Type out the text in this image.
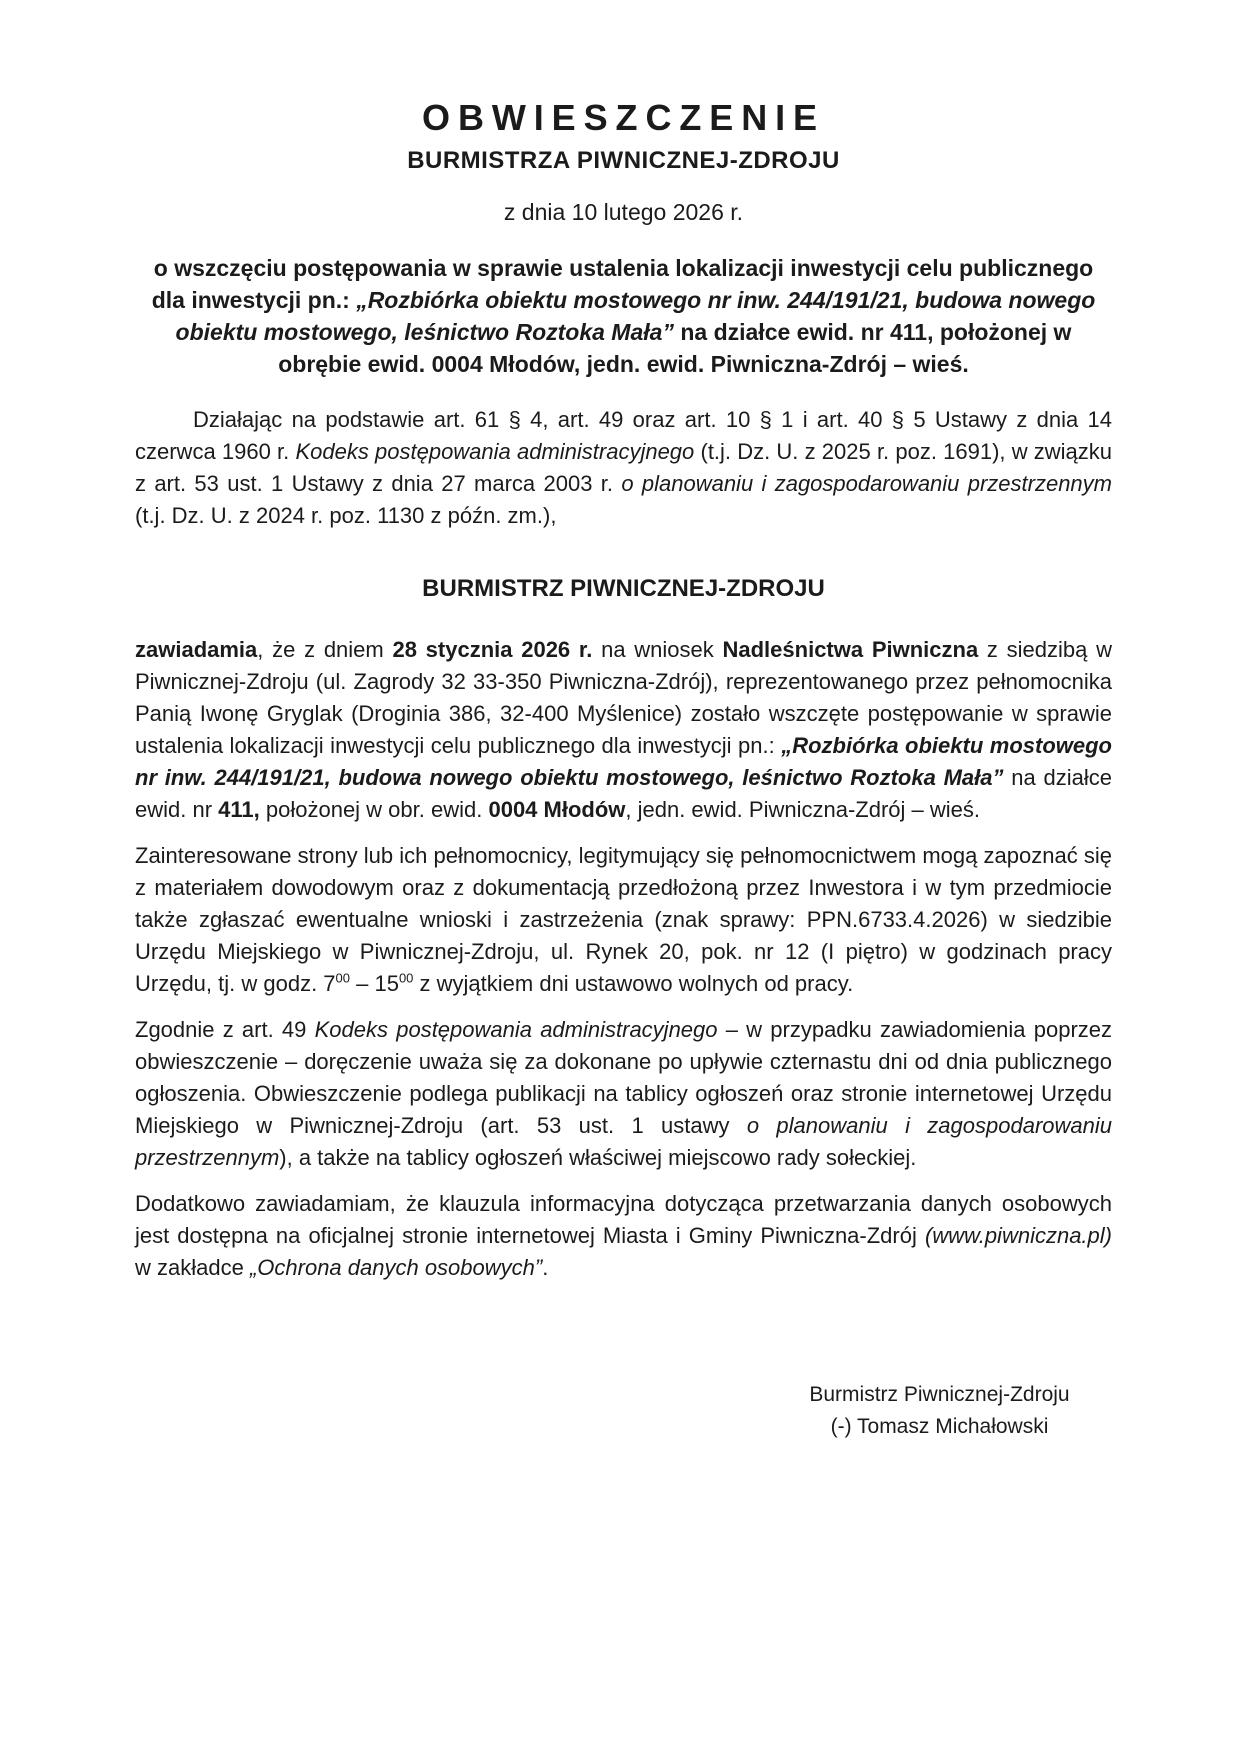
OBWIESZCZENIE
BURMISTRZA PIWNICZNEJ-ZDROJU
z dnia 10 lutego 2026 r.
o wszczęciu postępowania w sprawie ustalenia lokalizacji inwestycji celu publicznego dla inwestycji pn.: „Rozbiórka obiektu mostowego nr inw. 244/191/21, budowa nowego obiektu mostowego, leśnictwo Roztoka Mała” na działce ewid. nr 411, położonej w obrębie ewid. 0004 Młodów, jedn. ewid. Piwniczna-Zdrój – wieś.

Działając na podstawie art. 61 § 4, art. 49 oraz art. 10 § 1 i art. 40 § 5 Ustawy z dnia 14 czerwca 1960 r. Kodeks postępowania administracyjnego (t.j. Dz. U. z 2025 r. poz. 1691), w związku z art. 53 ust. 1 Ustawy z dnia 27 marca 2003 r. o planowaniu i zagospodarowaniu przestrzennym (t.j. Dz. U. z 2024 r. poz. 1130 z późn. zm.),

BURMISTRZ PIWNICZNEJ-ZDROJU

zawiadamia, że z dniem 28 stycznia 2026 r. na wniosek Nadleśnictwa Piwniczna z siedzibą w Piwnicznej-Zdroju (ul. Zagrody 32 33-350 Piwniczna-Zdrój), reprezentowanego przez pełnomocnika Panią Iwonę Gryglak (Droginia 386, 32-400 Myślenice) zostało wszczęte postępowanie w sprawie ustalenia lokalizacji inwestycji celu publicznego dla inwestycji pn.: „Rozbiórka obiektu mostowego nr inw. 244/191/21, budowa nowego obiektu mostowego, leśnictwo Roztoka Mała” na działce ewid. nr 411, położonej w obr. ewid. 0004 Młodów, jedn. ewid. Piwniczna-Zdrój – wieś.

Zainteresowane strony lub ich pełnomocnicy, legitymujący się pełnomocnictwem mogą zapoznać się z materiałem dowodowym oraz z dokumentacją przedłożoną przez Inwestora i w tym przedmiocie także zgłaszać ewentualne wnioski i zastrzeżenia (znak sprawy: PPN.6733.4.2026) w siedzibie Urzędu Miejskiego w Piwnicznej-Zdroju, ul. Rynek 20, pok. nr 12 (I piętro) w godzinach pracy Urzędu, tj. w godz. $7^{00} - 15^{00}$ z wyjątkiem dni ustawowo wolnych od pracy.

Zgodnie z art. 49 Kodeks postępowania administracyjnego – w przypadku zawiadomienia poprzez obwieszczenie – doręczenie uważa się za dokonane po upływie czternastu dni od dnia publicznego ogłoszenia. Obwieszczenie podlega publikacji na tablicy ogłoszeń oraz stronie internetowej Urzędu Miejskiego w Piwnicznej-Zdroju (art. 53 ust. 1 ustawy o planowaniu i zagospodarowaniu przestrzennym), a także na tablicy ogłoszeń właściwej miejscowo rady sołeckiej.

Dodatkowo zawiadamiam, że klauzula informacyjna dotycząca przetwarzania danych osobowych jest dostępna na oficjalnej stronie internetowej Miasta i Gminy Piwniczna-Zdrój (www.piwniczna.pl) w zakładce „Ochrona danych osobowych”.

Burmistrz Piwnicznej-Zdroju
(-) Tomasz Michałowski
